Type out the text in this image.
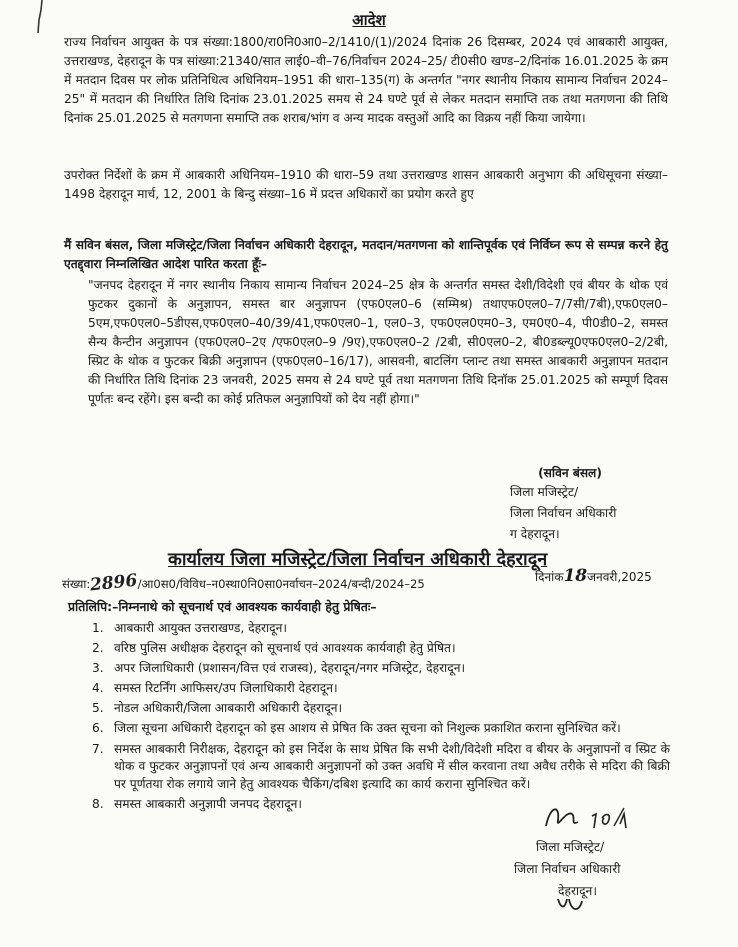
आदेश
राज्य निर्वाचन आयुक्त के पत्र संख्या:1800/रा0नि0आ0–2/1410/(1)/2024 दिनांक 26 दिसम्बर, 2024 एवं आबकारी आयुक्त, उत्तराखण्ड, देहरादून के पत्र सांख्या:21340/सात लाई0–वी–76/निर्वाचन 2024–25/ टी0सी0 खण्ड–2/दिनांक 16.01.2025 के क्रम में मतदान दिवस पर लोक प्रतिनिधित्व अधिनियम–1951 की धारा–135(ग) के अन्तर्गत "नगर स्थानीय निकाय सामान्य निर्वाचन 2024–25" में मतदान की निर्धारित तिथि दिनांक 23.01.2025 समय से 24 घण्टे पूर्व से लेकर मतदान समाप्ति तक तथा मतगणना की तिथि दिनांक 25.01.2025 से मतगणना समाप्ति तक शराब/भांग व अन्य मादक वस्तुओं आदि का विक्रय नहीं किया जायेगा।
उपरोक्त निर्देशों के क्रम में आबकारी अधिनियम–1910 की धारा–59 तथा उत्तराखण्ड शासन आबकारी अनुभाग की अधिसूचना संख्या–1498 देहरादून मार्च, 12, 2001 के बिन्दु संख्या–16 में प्रदत्त अधिकारों का प्रयोग करते हुए
मैं सविन बंसल, जिला मजिस्ट्रेट/जिला निर्वाचन अधिकारी देहरादून, मतदान/मतगणना को शान्तिपूर्वक एवं निर्विघ्न रूप से सम्पन्न करने हेतु एतद्द्वारा निम्नलिखित आदेश पारित करता हूँः–
"जनपद देहरादून में नगर स्थानीय निकाय सामान्य निर्वाचन 2024–25 क्षेत्र के अन्तर्गत समस्त देशी/विदेशी एवं बीयर के थोक एवं फुटकर दुकानों के अनुज्ञापन, समस्त बार अनुज्ञापन (एफ0एल0–6 (सम्मिश्र) तथाएफ0एल0–7/7सी/7बी),एफ0एल0–5एम,एफ0एल0–5डीएस,एफ0एल0–40/39/41,एफ0एल0–1, एल0–3, एफ0एल0एम0–3, एम0ए0–4, पी0डी0–2, समस्त सैन्य कैन्टीन अनुज्ञापन (एफ0एल0–2ए /एफ0एल0–9 /9ए),एफ0एल0–2 /2बी, सी0एल0–2, बी0डब्ल्यू0एफ0एल0–2/2बी, स्प्रिट के थोक व फुटकर बिक्री अनुज्ञापन (एफ0एल0–16/17), आसवनी, बाटलिंग प्लान्ट तथा समस्त आबकारी अनुज्ञापन मतदान की निर्धारित तिथि दिनांक 23 जनवरी, 2025 समय से 24 घण्टे पूर्व तथा मतगणना तिथि दिनॉक 25.01.2025 को सम्पूर्ण दिवस पूर्णतः बन्द रहेंगे। इस बन्दी का कोई प्रतिफल अनुज्ञापियों को देय नहीं होगा।"
(सविन बंसल)
जिला मजिस्ट्रेट/
जिला निर्वाचन अधिकारी
ग देहरादून।
कार्यालय जिला मजिस्ट्रेट/जिला निर्वाचन अधिकारी देहरादून
संख्या:2896/आ0स0/विविध–न0स्था0नि0सा0नर्वाचन–2024/बन्दी/2024–25	दिनांक18जनवरी,2025
प्रतिलिपि:–निम्ननाथे को सूचनार्थ एवं आवश्यक कार्यवाही हेतु प्रेषितः–
1. आबकारी आयुक्त उत्तराखण्ड, देहरादून।
2. वरिष्ठ पुलिस अधीक्षक देहरादून को सूचनार्थ एवं आवश्यक कार्यवाही हेतु प्रेषित।
3. अपर जिलाधिकारी (प्रशासन/वित्त एवं राजस्व), देहरादून/नगर मजिस्ट्रेट, देहरादून।
4. समस्त रिटर्निंग आफिसर/उप जिलाधिकारी देहरादून।
5. नोडल अधिकारी/जिला आबकारी अधिकारी देहरादून।
6. जिला सूचना अधिकारी देहरादून को इस आशय से प्रेषित कि उक्त सूचना को निशुल्क प्रकाशित कराना सुनिश्चित करें।
7. समस्त आबकारी निरीक्षक, देहरादून को इस निर्देश के साथ प्रेषित कि सभी देशी/विदेशी मदिरा व बीयर के अनुज्ञापनों व स्प्रिट के थोक व फुटकर अनुज्ञापनों एवं अन्य आबकारी अनुज्ञापनों को उक्त अवधि में सील करवाना तथा अवैध तरीके से मदिरा की बिक्री पर पूर्णतया रोक लगाये जाने हेतु आवश्यक चैकिंग/दबिश इत्यादि का कार्य कराना सुनिश्चित करें।
8. समस्त आबकारी अनुज्ञापी जनपद देहरादून।
जिला मजिस्ट्रेट/
जिला निर्वाचन अधिकारी
देहरादून।
